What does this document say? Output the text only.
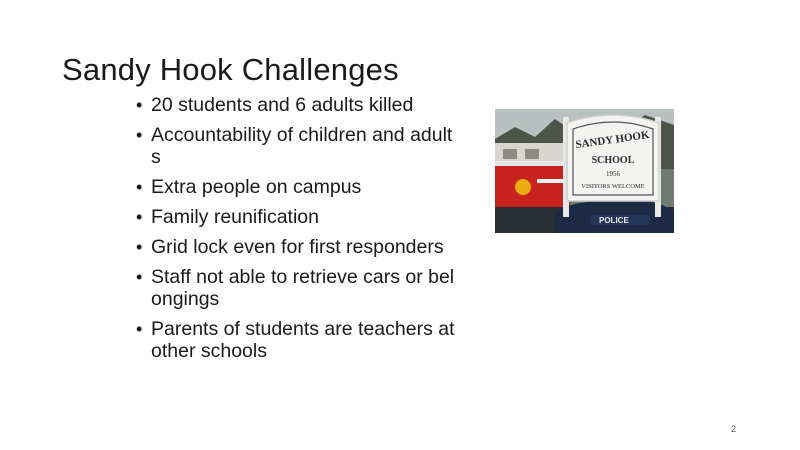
Sandy Hook Challenges
• 20 students and 6 adults killed
• Accountability of children and adult
s
• Extra people on campus
• Family reunification
• Grid lock even for first responders
• Staff not able to retrieve cars or bel
ongings
• Parents of students are teachers at
other schools
POLICE
SANDY HOOK
SCHOOL
1956
VISITORS WELCOME
2
